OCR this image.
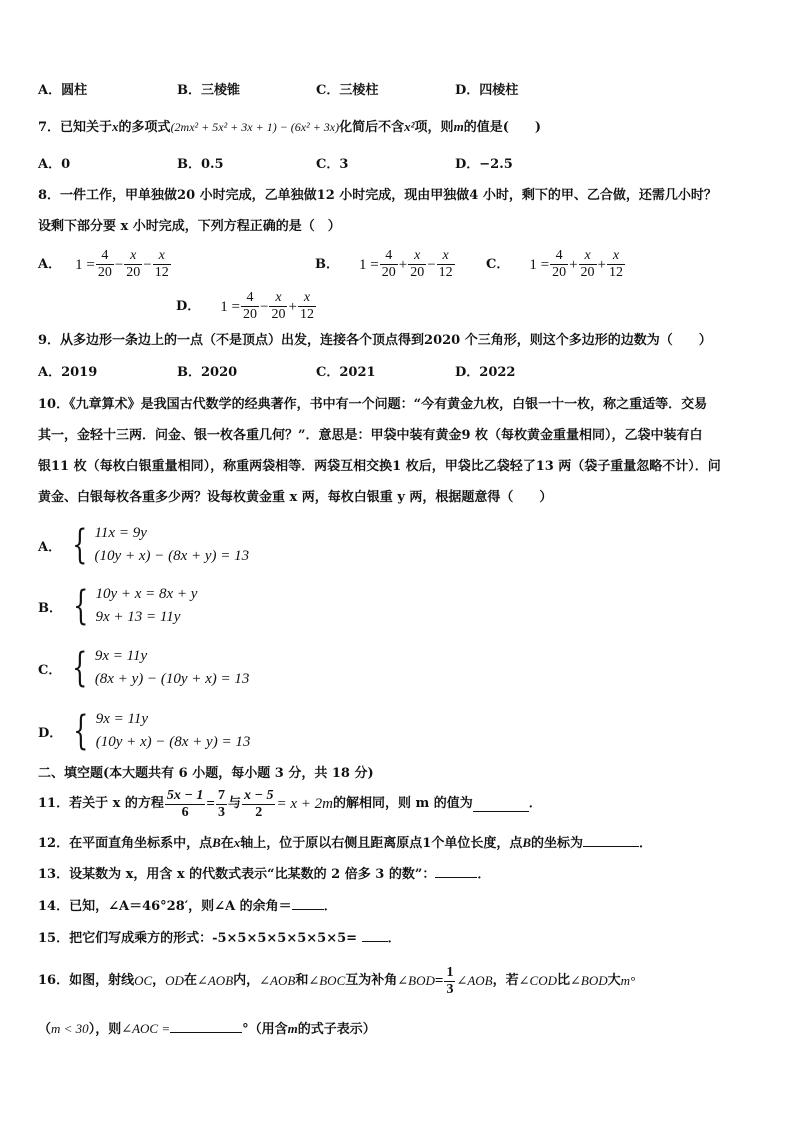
A．圆柱	B．三棱锥	C．三棱柱	D．四棱柱
7．已知关于x的多项式(2mx² + 5x² + 3x + 1) − (6x² + 3x)化简后不含x²项，则m的值是(　　)
A．0	B．0.5	C．3	D．−2.5
8．一件工作，甲单独做20 小时完成，乙单独做12 小时完成，现由甲独做4 小时，剩下的甲、乙合做，还需几小时？
设剩下部分要 x 小时完成，下列方程正确的是（　）
A． $1 = \frac{4}{20} - \frac{x}{20} - \frac{x}{12}$	B． $1 = \frac{4}{20} + \frac{x}{20} - \frac{x}{12}$ C． $1 = \frac{4}{20} + \frac{x}{20} + \frac{x}{12}$
D． $1 = \frac{4}{20} - \frac{x}{20} + \frac{x}{12}$
9．从多边形一条边上的一点（不是顶点）出发，连接各个顶点得到2020 个三角形，则这个多边形的边数为（　　）
A．2019	B．2020	C．2021	D．2022
10．《九章算术》是我国古代数学的经典著作，书中有一个问题：“今有黄金九枚，白银一十一枚，称之重适等．交易
其一，金轻十三两．问金、银一枚各重几何？”．意思是：甲袋中装有黄金9 枚（每枚黄金重量相同），乙袋中装有白
银11 枚（每枚白银重量相同），称重两袋相等．两袋互相交换1 枚后，甲袋比乙袋轻了13 两（袋子重量忽略不计）．问
黄金、白银每枚各重多少两？设每枚黄金重 x 两，每枚白银重 y 两，根据题意得（　　）
A． { 11x = 9y
(10y + x) − (8x + y) = 13
B． { 10y + x = 8x + y
9x + 13 = 11y
C． { 9x = 11y
(8x + y) − (10y + x) = 13
D． { 9x = 11y
(10y + x) − (8x + y) = 13
二、填空题(本大题共有 6 小题，每小题 3 分，共 18 分)
11．若关于 x 的方程 $\frac{5x - 1}{6} = \frac{7}{3}$ 与 $\frac{x - 5}{2} = x + 2m$ 的解相同，则 m 的值为	．
12．在平面直角坐标系中，点B在x轴上，位于原以右侧且距离原点1个单位长度，点B的坐标为	．
13．设某数为 x，用含 x 的代数式表示“比某数的 2 倍多 3 的数”：	．
14．已知，∠A＝46°28′，则∠A 的余角＝ ．
15．把它们写成乘方的形式：-5×5×5×5×5×5×5= ．
16．如图，射线 OC ， OD 在 ∠AOB 内， ∠AOB 和 ∠BOC 互为补角 ∠BOD = $\frac{1}{3}$ ∠AOB ，若 ∠COD 比 ∠BOD 大 m°
（m < 30），则∠AOC =	°（用含m的式子表示）
